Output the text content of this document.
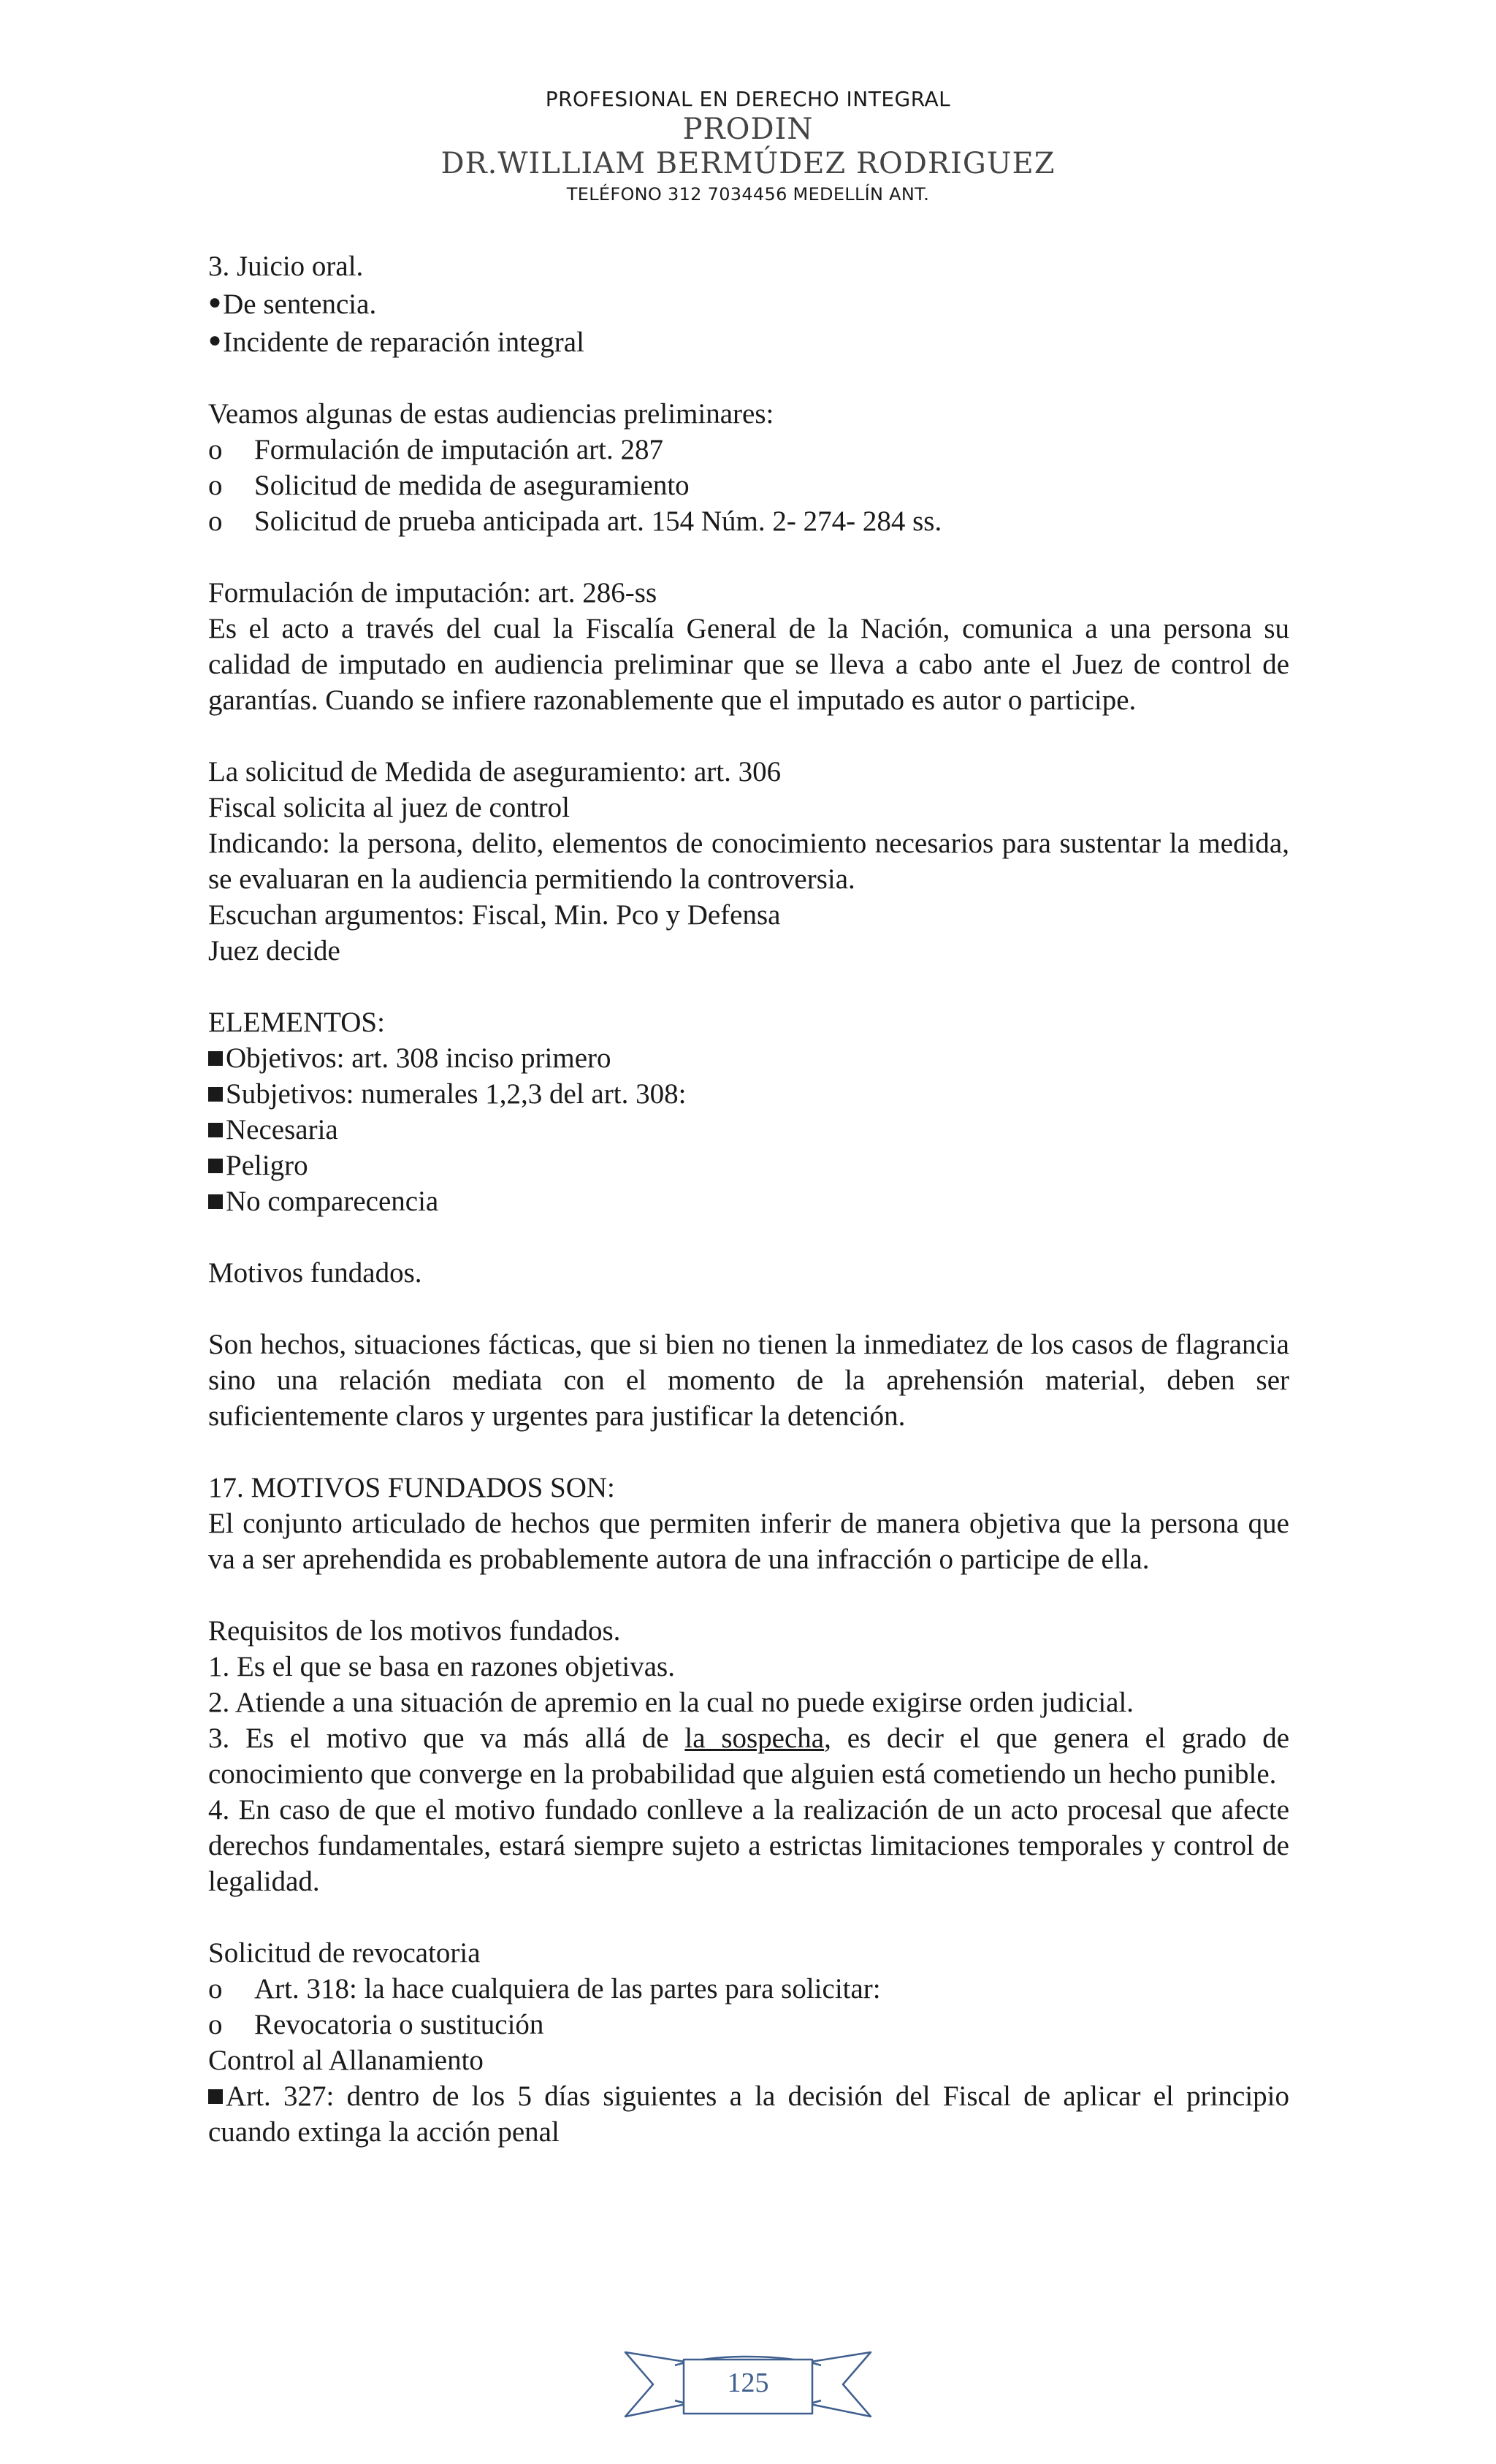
PROFESIONAL EN DERECHO INTEGRAL
PRODIN
DR.WILLIAM BERMÚDEZ RODRIGUEZ
TELÉFONO 312 7034456 MEDELLÍN ANT.

3. Juicio oral.

●De sentencia.

●Incidente de reparación integral

Veamos algunas de estas audiencias preliminares:

o	Formulación de imputación art. 287
o	Solicitud de medida de aseguramiento
o	Solicitud de prueba anticipada art. 154 Núm. 2- 274- 284 ss.

Formulación de imputación: art. 286-ss

Es el acto a través del cual la Fiscalía General de la Nación, comunica a una persona su calidad de imputado en audiencia preliminar que se lleva a cabo ante el Juez de control de garantías. Cuando se infiere razonablemente que el imputado es autor o participe.

La solicitud de Medida de aseguramiento: art. 306

Fiscal solicita al juez de control

Indicando: la persona, delito, elementos de conocimiento necesarios para sustentar la medida, se evaluaran en la audiencia permitiendo la controversia.

Escuchan argumentos: Fiscal, Min. Pco y Defensa

Juez decide

ELEMENTOS:

Objetivos: art. 308 inciso primero

Subjetivos: numerales 1,2,3 del art. 308:

Necesaria

Peligro

No comparecencia

Motivos fundados.

Son hechos, situaciones fácticas, que si bien no tienen la inmediatez de los casos de flagrancia sino una relación mediata con el momento de la aprehensión material, deben ser suficientemente claros y urgentes para justificar la detención.

17. MOTIVOS FUNDADOS SON:

El conjunto articulado de hechos que permiten inferir de manera objetiva que la persona que va a ser aprehendida es probablemente autora de una infracción o participe de ella.

Requisitos de los motivos fundados.

1. Es el que se basa en razones objetivas.

2. Atiende a una situación de apremio en la cual no puede exigirse orden judicial.

3. Es el motivo que va más allá de la sospecha, es decir el que genera el grado de conocimiento que converge en la probabilidad que alguien está cometiendo un hecho punible.

4. En caso de que el motivo fundado conlleve a la realización de un acto procesal que afecte derechos fundamentales, estará siempre sujeto a estrictas limitaciones temporales y control de legalidad.

Solicitud de revocatoria

o	Art. 318: la hace cualquiera de las partes para solicitar:
o	Revocatoria o sustitución

Control al Allanamiento

Art. 327: dentro de los 5 días siguientes a la decisión del Fiscal de aplicar el principio cuando extinga la acción penal

125
